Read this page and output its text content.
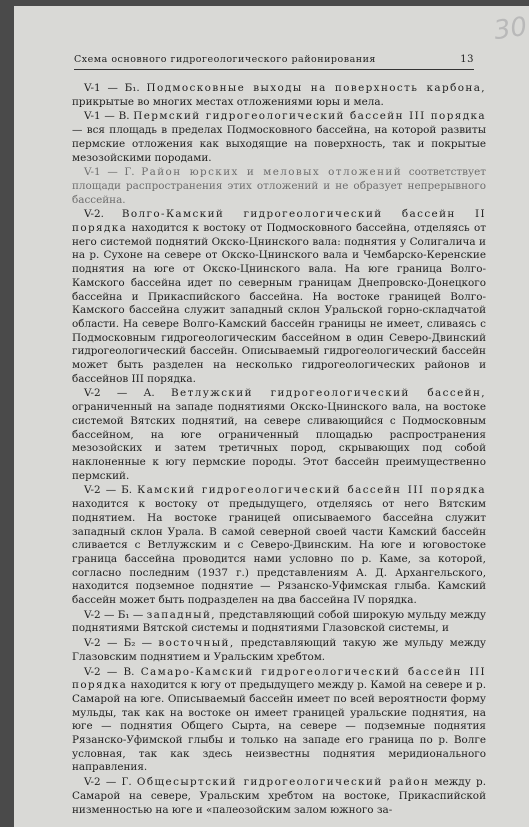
30
Схема основного гидрогеологического районирования	13

V-1 — Б₁. Подмосковные выходы на поверхность карбона, прикрытые во многих местах отложениями юры и мела.

V-1 — В. Пермский гидрогеологический бассейн III порядка — вся площадь в пределах Подмосковного бассейна, на которой развиты пермские отложения как выходящие на поверхность, так и покрытые мезозойскими породами.

V-1 — Г. Район юрских и меловых отложений соответствует площади распространения этих отложений и не образует непрерывного бассейна.

V-2. Волго-Камский гидрогеологический бассейн II порядка находится к востоку от Подмосковного бассейна, отделяясь от него системой поднятий Окско-Цнинского вала: поднятия у Солигалича и на р. Сухоне на севере от Окско-Цнинского вала и Чембарско-Керенские поднятия на юге от Окско-Цнинского вала. На юге граница Волго-Камского бассейна идет по северным границам Днепровско-Донецкого бассейна и Прикаспийского бассейна. На востоке границей Волго-Камского бассейна служит западный склон Уральской горно-складчатой области. На севере Волго-Камский бассейн границы не имеет, сливаясь с Подмосковным гидрогеологическим бассейном в один Северо-Двинский гидрогеологический бассейн. Описываемый гидрогеологический бассейн может быть разделен на несколько гидрогеологических районов и бассейнов III порядка.

V-2 — А. Ветлужский гидрогеологический бассейн, ограниченный на западе поднятиями Окско-Цнинского вала, на востоке системой Вятских поднятий, на севере сливающийся с Подмосковным бассейном, на юге ограниченный площадью распространения мезозойских и затем третичных пород, скрывающих под собой наклоненные к югу пермские породы. Этот бассейн преимущественно пермский.

V-2 — Б. Камский гидрогеологический бассейн III порядка находится к востоку от предыдущего, отделяясь от него Вятским поднятием. На востоке границей описываемого бассейна служит западный склон Урала. В самой северной своей части Камский бассейн сливается с Ветлужским и с Северо-Двинским. На юге и юговостоке граница бассейна проводится нами условно по р. Каме, за которой, согласно последним (1937 г.) представлениям А. Д. Архангельского, находится подземное поднятие — Рязанско-Уфимская глыба. Камский бассейн может быть подразделен на два бассейна IV порядка.

V-2 — Б₁ — западный, представляющий собой широкую мульду между поднятиями Вятской системы и поднятиями Глазовской системы, и

V-2 — Б₂ — восточный, представляющий такую же мульду между Глазовским поднятием и Уральским хребтом.

V-2 — В. Самаро-Камский гидрогеологический бассейн III порядка находится к югу от предыдущего между р. Камой на севере и р. Самарой на юге. Описываемый бассейн имеет по всей вероятности форму мульды, так как на востоке он имеет границей уральские поднятия, на юге — поднятия Общего Сырта, на севере — подземные поднятия Рязанско-Уфимской глыбы и только на западе его граница по р. Волге условная, так как здесь неизвестны поднятия меридионального направления.

V-2 — Г. Общесыртский гидрогеологический район между р. Самарой на севере, Уральским хребтом на востоке, Прикаспийской низменностью на юге и «палеозойским залом южного за-
